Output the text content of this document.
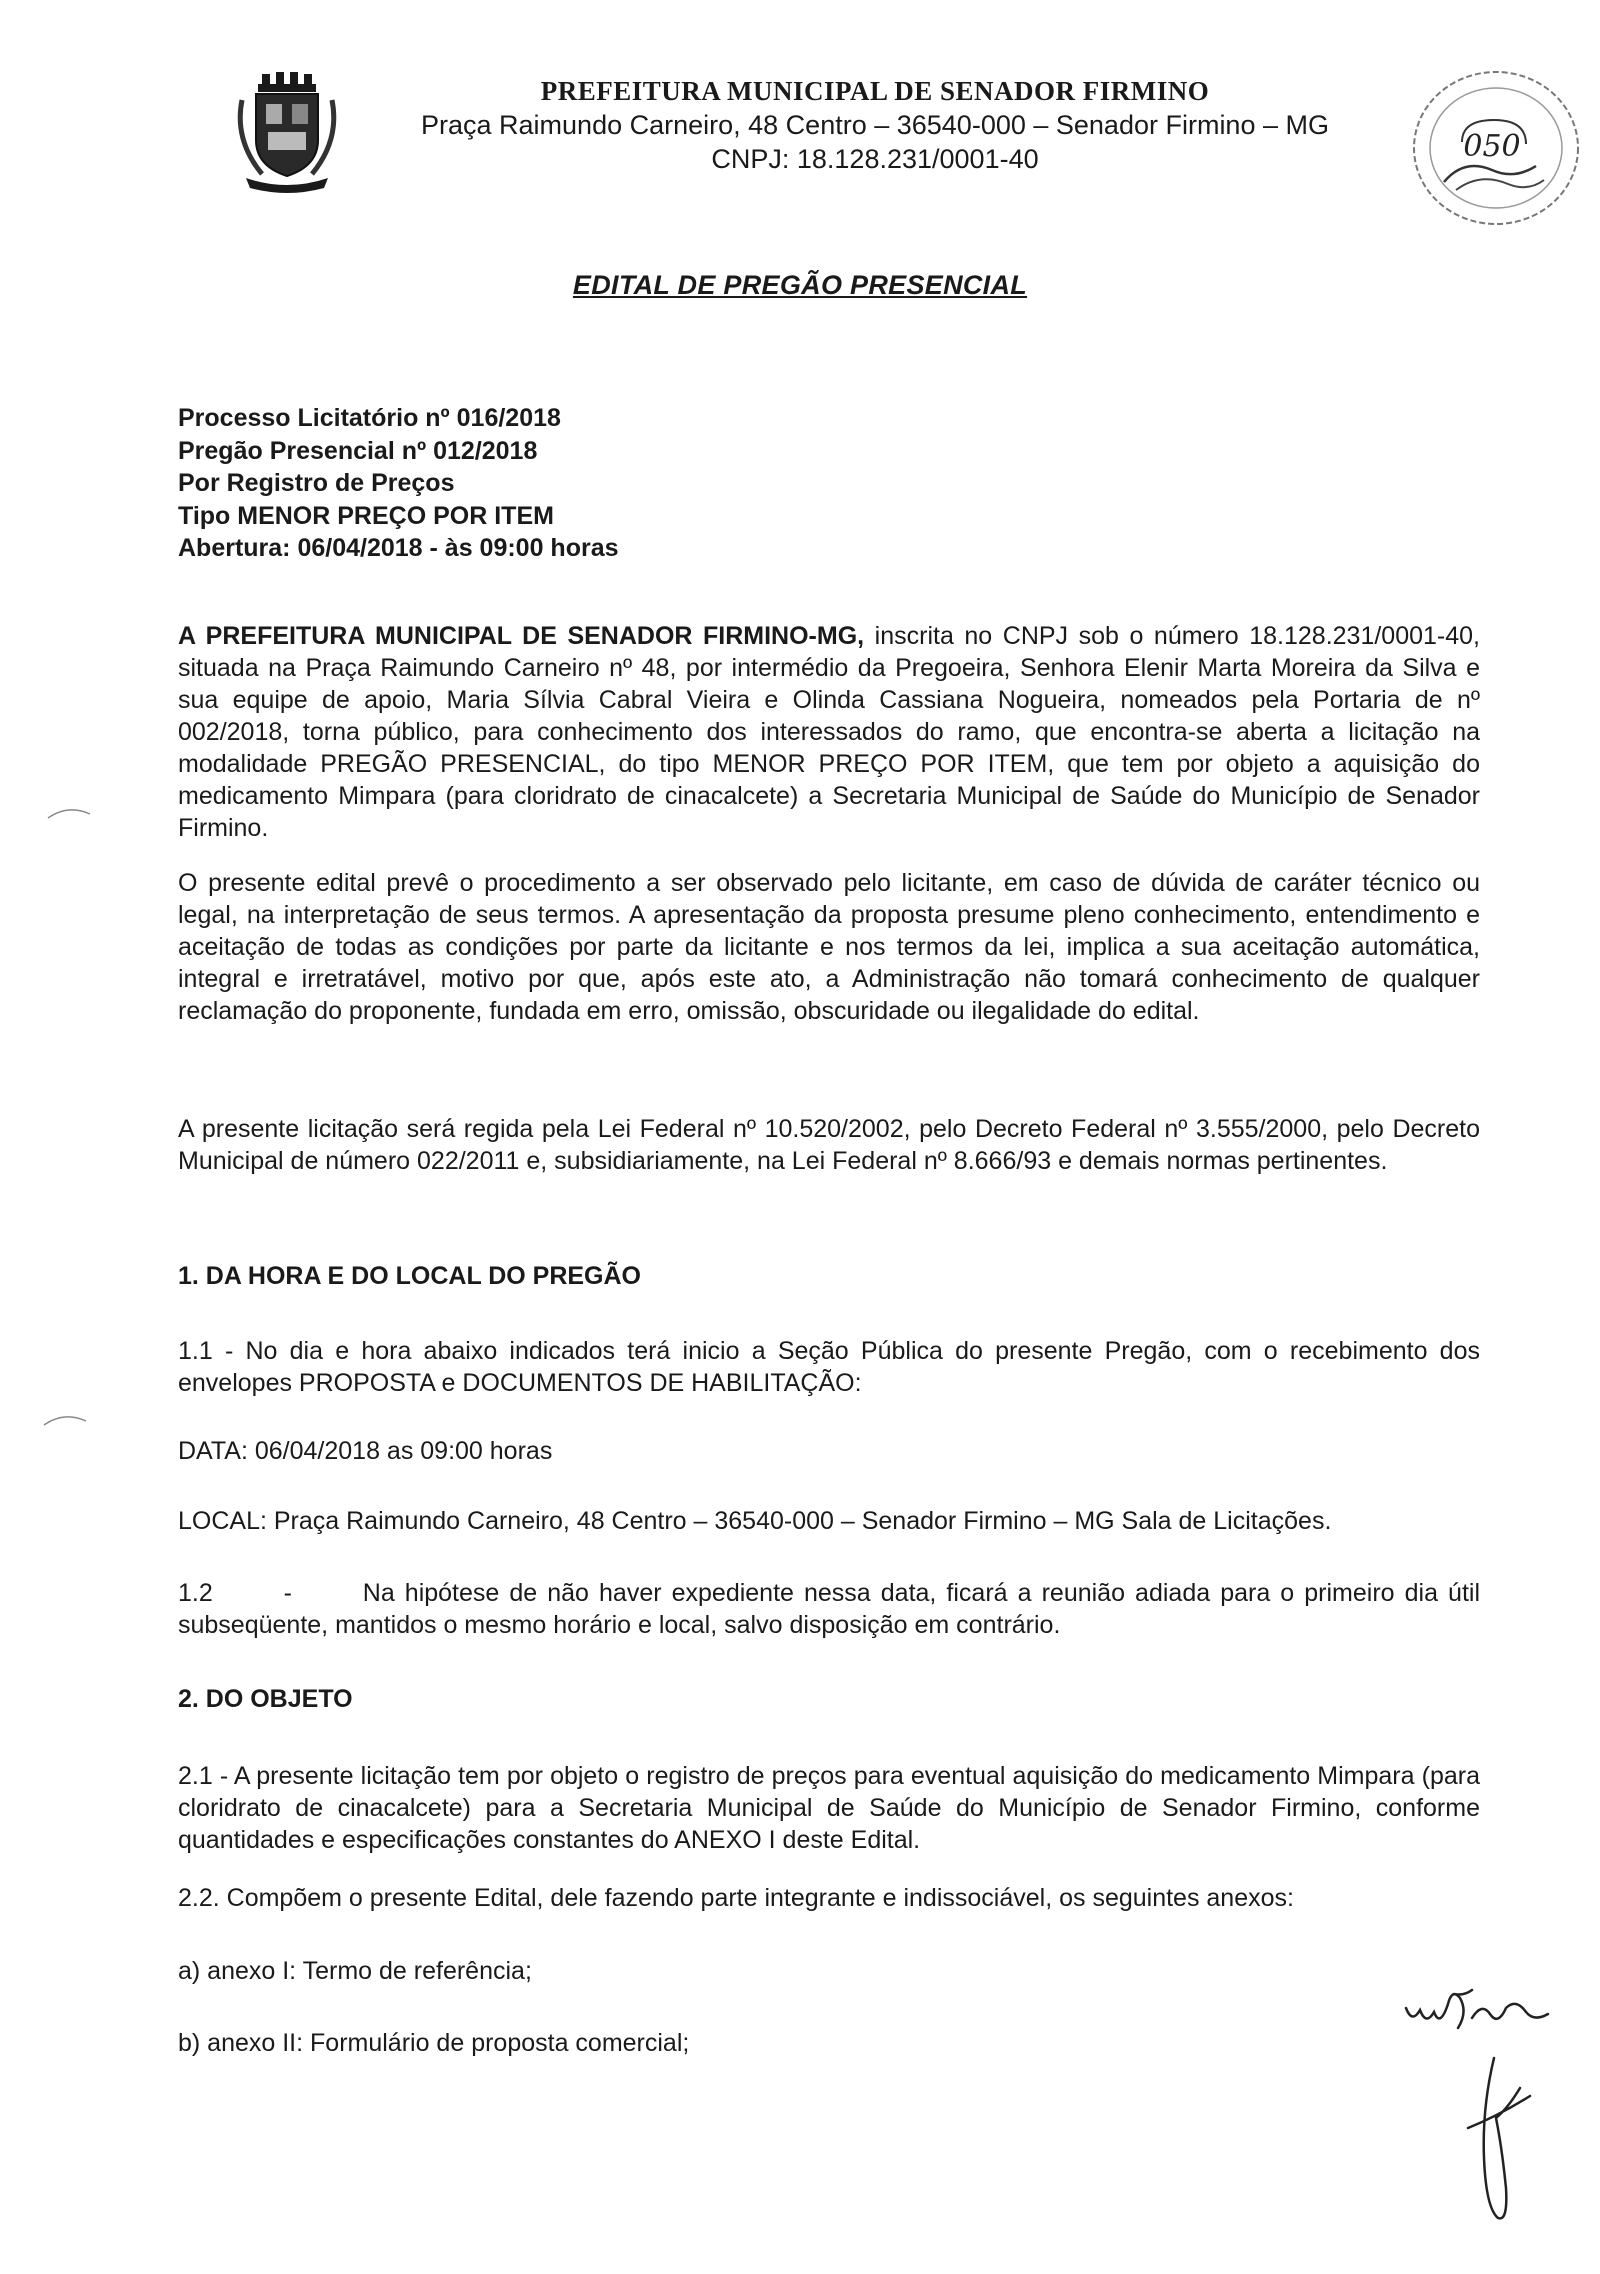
PREFEITURA MUNICIPAL DE SENADOR FIRMINO
Praça Raimundo Carneiro, 48 Centro – 36540-000 – Senador Firmino – MG
CNPJ: 18.128.231/0001-40	050
EDITAL DE PREGÃO PRESENCIAL
Processo Licitatório nº 016/2018
Pregão Presencial nº 012/2018
Por Registro de Preços
Tipo MENOR PREÇO POR ITEM
Abertura: 06/04/2018 - às 09:00 horas

A PREFEITURA MUNICIPAL DE SENADOR FIRMINO-MG, inscrita no CNPJ sob o número 18.128.231/0001-40, situada na Praça Raimundo Carneiro nº 48, por intermédio da Pregoeira, Senhora Elenir Marta Moreira da Silva e sua equipe de apoio, Maria Sílvia Cabral Vieira e Olinda Cassiana Nogueira, nomeados pela Portaria de nº 002/2018, torna público, para conhecimento dos interessados do ramo, que encontra-se aberta a licitação na modalidade PREGÃO PRESENCIAL, do tipo MENOR PREÇO POR ITEM, que tem por objeto a aquisição do medicamento Mimpara (para cloridrato de cinacalcete) a Secretaria Municipal de Saúde do Município de Senador Firmino.

O presente edital prevê o procedimento a ser observado pelo licitante, em caso de dúvida de caráter técnico ou legal, na interpretação de seus termos. A apresentação da proposta presume pleno conhecimento, entendimento e aceitação de todas as condições por parte da licitante e nos termos da lei, implica a sua aceitação automática, integral e irretratável, motivo por que, após este ato, a Administração não tomará conhecimento de qualquer reclamação do proponente, fundada em erro, omissão, obscuridade ou ilegalidade do edital.

A presente licitação será regida pela Lei Federal nº 10.520/2002, pelo Decreto Federal nº 3.555/2000, pelo Decreto Municipal de número 022/2011 e, subsidiariamente, na Lei Federal nº 8.666/93 e demais normas pertinentes.

1. DA HORA E DO LOCAL DO PREGÃO

1.1 - No dia e hora abaixo indicados terá inicio a Seção Pública do presente Pregão, com o recebimento dos envelopes PROPOSTA e DOCUMENTOS DE HABILITAÇÃO:

DATA: 06/04/2018 as 09:00 horas

LOCAL: Praça Raimundo Carneiro, 48 Centro – 36540-000 – Senador Firmino – MG Sala de Licitações.

1.2	-	Na hipótese de não haver expediente nessa data, ficará a reunião adiada para o primeiro dia útil subseqüente, mantidos o mesmo horário e local, salvo disposição em contrário.

2. DO OBJETO

2.1 - A presente licitação tem por objeto o registro de preços para eventual aquisição do medicamento Mimpara (para cloridrato de cinacalcete) para a Secretaria Municipal de Saúde do Município de Senador Firmino, conforme quantidades e especificações constantes do ANEXO I deste Edital.

2.2. Compõem o presente Edital, dele fazendo parte integrante e indissociável, os seguintes anexos:

a) anexo I: Termo de referência;

b) anexo II: Formulário de proposta comercial;
